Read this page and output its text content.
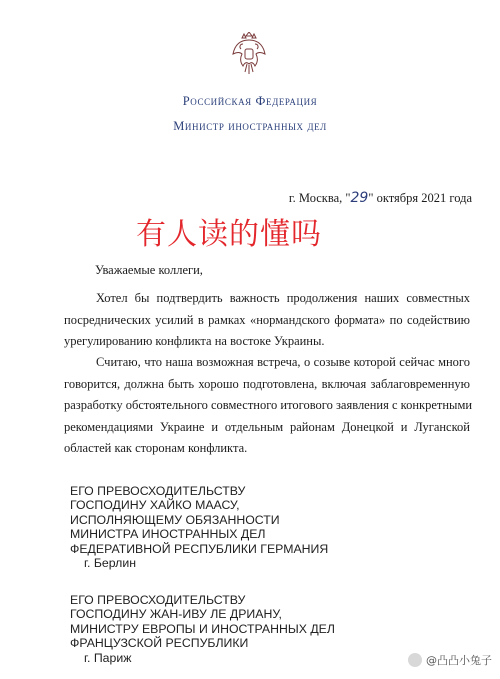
Российская Федерация
Министр иностранных дел
г. Москва, "29" октября 2021 года
有人读的懂吗
Уважаемые коллеги,
Хотел бы подтвердить важность продолжения наших совместных
посреднических усилий в рамках «нормандского формата» по содействию
урегулированию конфликта на востоке Украины.
Считаю, что наша возможная встреча, о созыве которой сейчас много
говорится, должна быть хорошо подготовлена, включая заблаговременную
разработку обстоятельного совместного итогового заявления с конкретными
рекомендациями Украине и отдельным районам Донецкой и Луганской
областей как сторонам конфликта.
ЕГО ПРЕВОСХОДИТЕЛЬСТВУ
ГОСПОДИНУ ХАЙКО МААСУ,
ИСПОЛНЯЮЩЕМУ ОБЯЗАННОСТИ
МИНИСТРА ИНОСТРАННЫХ ДЕЛ
ФЕДЕРАТИВНОЙ РЕСПУБЛИКИ ГЕРМАНИЯ
г. Берлин
ЕГО ПРЕВОСХОДИТЕЛЬСТВУ
ГОСПОДИНУ ЖАН-ИВУ ЛЕ ДРИАНУ,
МИНИСТРУ ЕВРОПЫ И ИНОСТРАННЫХ ДЕЛ
ФРАНЦУЗСКОЙ РЕСПУБЛИКИ
г. Париж	@凸凸小兔子
